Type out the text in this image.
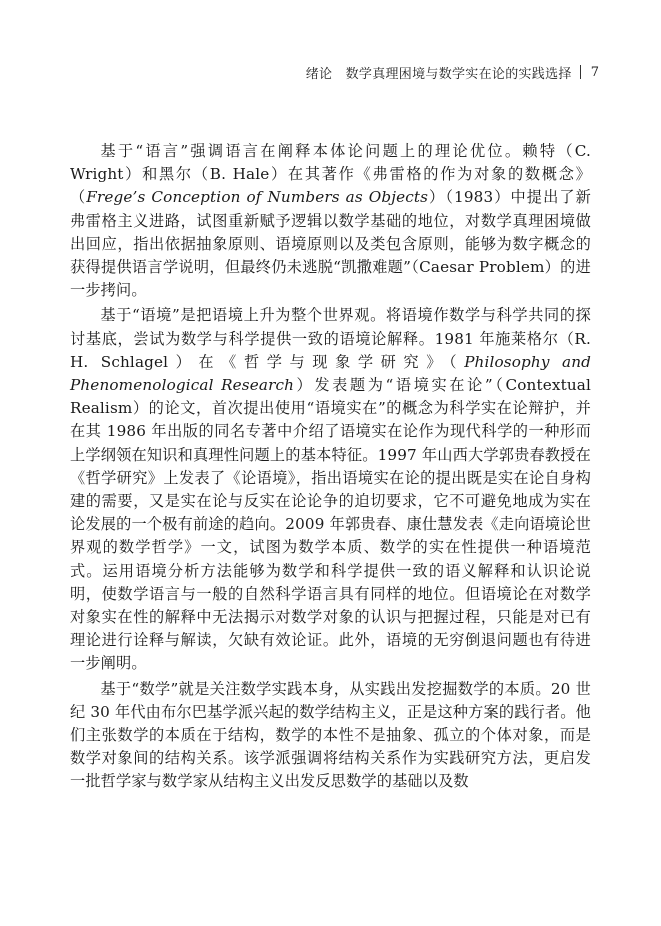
绪论　数学真理困境与数学实在论的实践选择 7

基于“语言”强调语言在阐释本体论问题上的理论优位。赖特（C. Wright）和黑尔（B. Hale）在其著作《弗雷格的作为对象的数概念》（Frege’s Conception of Numbers as Objects）（1983）中提出了新弗雷格主义进路，试图重新赋予逻辑以数学基础的地位，对数学真理困境做出回应，指出依据抽象原则、语境原则以及类包含原则，能够为数字概念的获得提供语言学说明，但最终仍未逃脱“凯撒难题”（Caesar Problem）的进一步拷问。

基于“语境”是把语境上升为整个世界观。将语境作数学与科学共同的探讨基底，尝试为数学与科学提供一致的语境论解释。1981 年施莱格尔（R. H. Schlagel）在《哲学与现象学研究》（Philosophy and Phenomenological Research）发表题为“语境实在论”（Contextual Realism）的论文，首次提出使用“语境实在”的概念为科学实在论辩护，并在其 1986 年出版的同名专著中介绍了语境实在论作为现代科学的一种形而上学纲领在知识和真理性问题上的基本特征。1997 年山西大学郭贵春教授在《哲学研究》上发表了《论语境》，指出语境实在论的提出既是实在论自身构建的需要，又是实在论与反实在论论争的迫切要求，它不可避免地成为实在论发展的一个极有前途的趋向。2009 年郭贵春、康仕慧发表《走向语境论世界观的数学哲学》一文，试图为数学本质、数学的实在性提供一种语境范式。运用语境分析方法能够为数学和科学提供一致的语义解释和认识论说明，使数学语言与一般的自然科学语言具有同样的地位。但语境论在对数学对象实在性的解释中无法揭示对数学对象的认识与把握过程，只能是对已有理论进行诠释与解读，欠缺有效论证。此外，语境的无穷倒退问题也有待进一步阐明。

基于“数学”就是关注数学实践本身，从实践出发挖掘数学的本质。20 世纪 30 年代由布尔巴基学派兴起的数学结构主义，正是这种方案的践行者。他们主张数学的本质在于结构，数学的本性不是抽象、孤立的个体对象，而是数学对象间的结构关系。该学派强调将结构关系作为实践研究方法，更启发一批哲学家与数学家从结构主义出发反思数学的基础以及数
